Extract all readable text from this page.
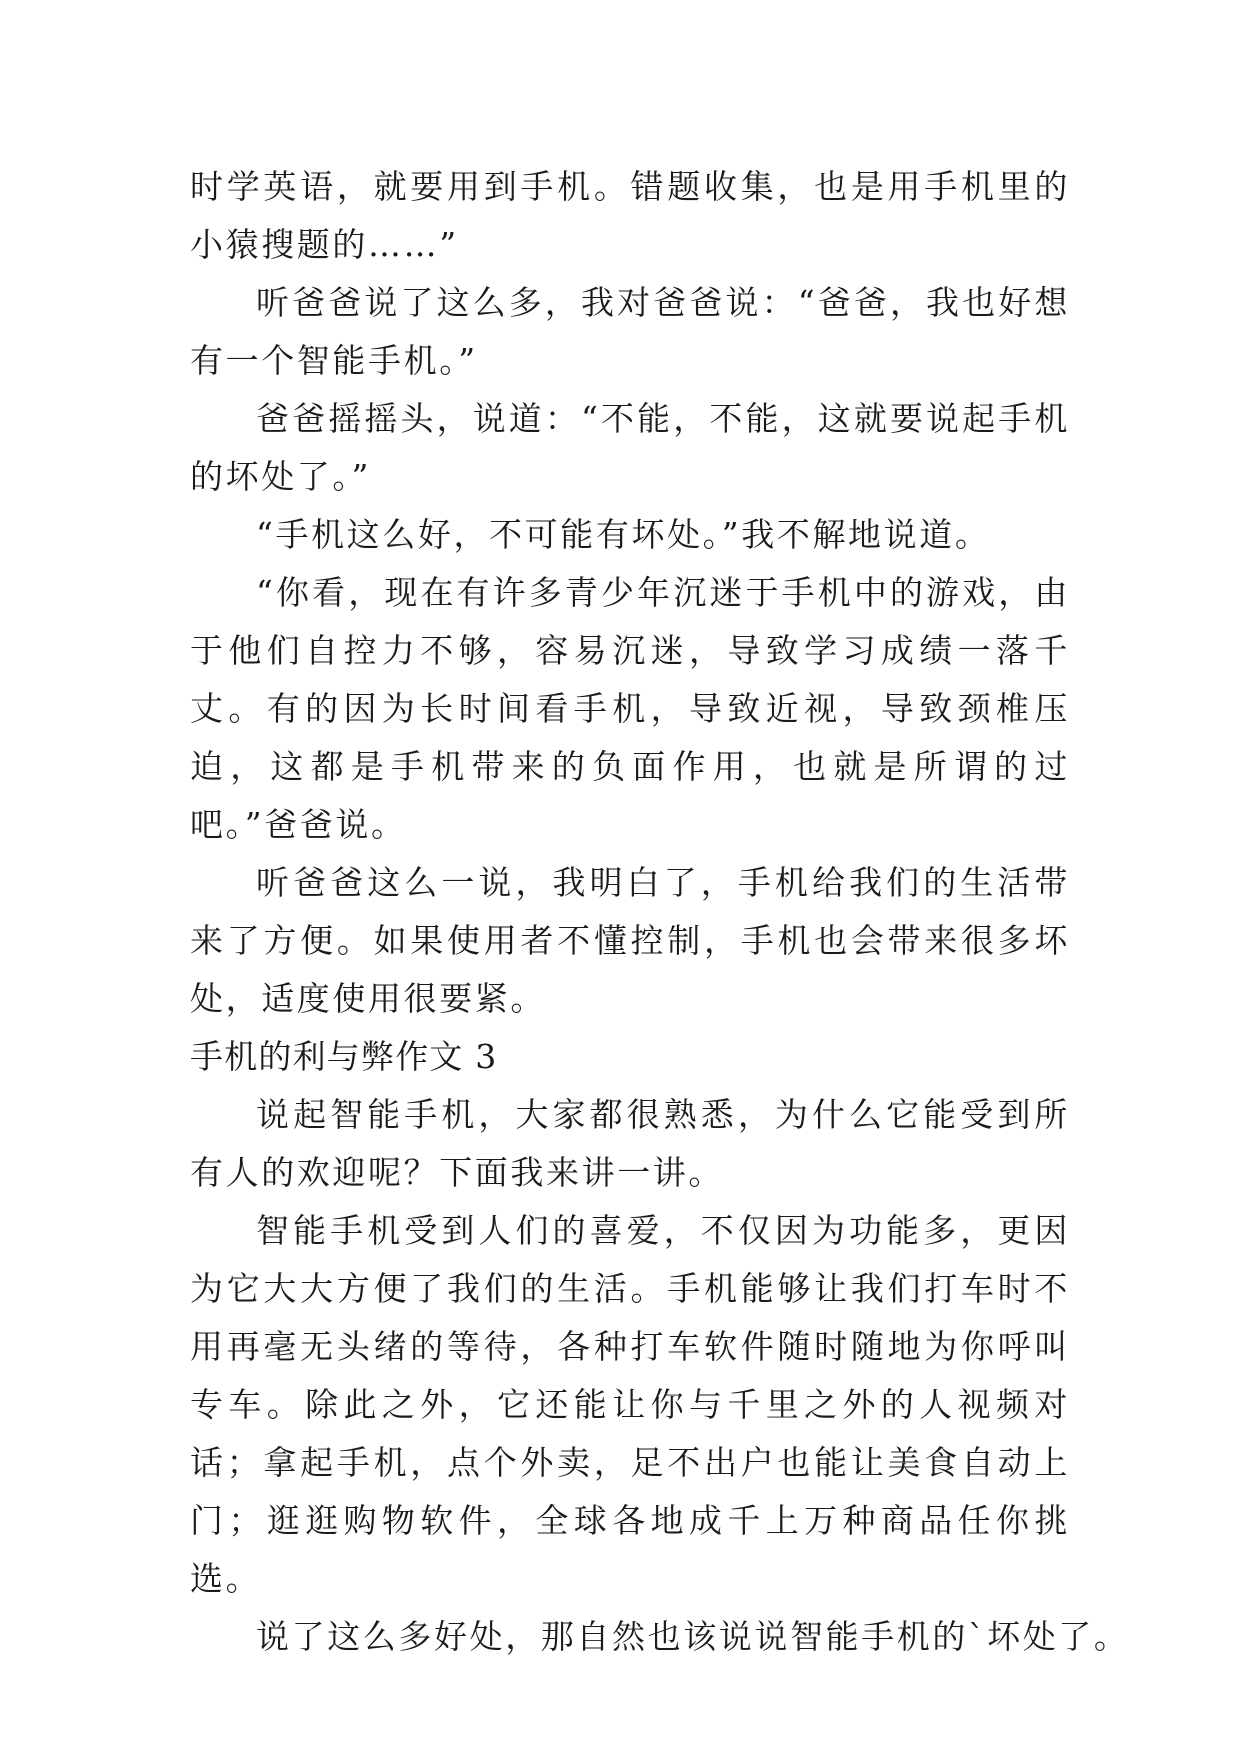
时学英语，就要用到手机。错题收集，也是用手机里的小猿搜题的……”

听爸爸说了这么多，我对爸爸说：“爸爸，我也好想有一个智能手机。”

爸爸摇摇头，说道：“不能，不能，这就要说起手机的坏处了。”

“手机这么好，不可能有坏处。”我不解地说道。

“你看，现在有许多青少年沉迷于手机中的游戏，由于他们自控力不够，容易沉迷，导致学习成绩一落千丈。有的因为长时间看手机，导致近视，导致颈椎压迫，这都是手机带来的负面作用，也就是所谓的过吧。”爸爸说。

听爸爸这么一说，我明白了，手机给我们的生活带来了方便。如果使用者不懂控制，手机也会带来很多坏处，适度使用很要紧。

手机的利与弊作文 3

说起智能手机，大家都很熟悉，为什么它能受到所有人的欢迎呢？下面我来讲一讲。

智能手机受到人们的喜爱，不仅因为功能多，更因为它大大方便了我们的生活。手机能够让我们打车时不用再毫无头绪的等待，各种打车软件随时随地为你呼叫专车。除此之外，它还能让你与千里之外的人视频对话；拿起手机，点个外卖，足不出户也能让美食自动上门；逛逛购物软件，全球各地成千上万种商品任你挑选。

说了这么多好处，那自然也该说说智能手机的`坏处了。
